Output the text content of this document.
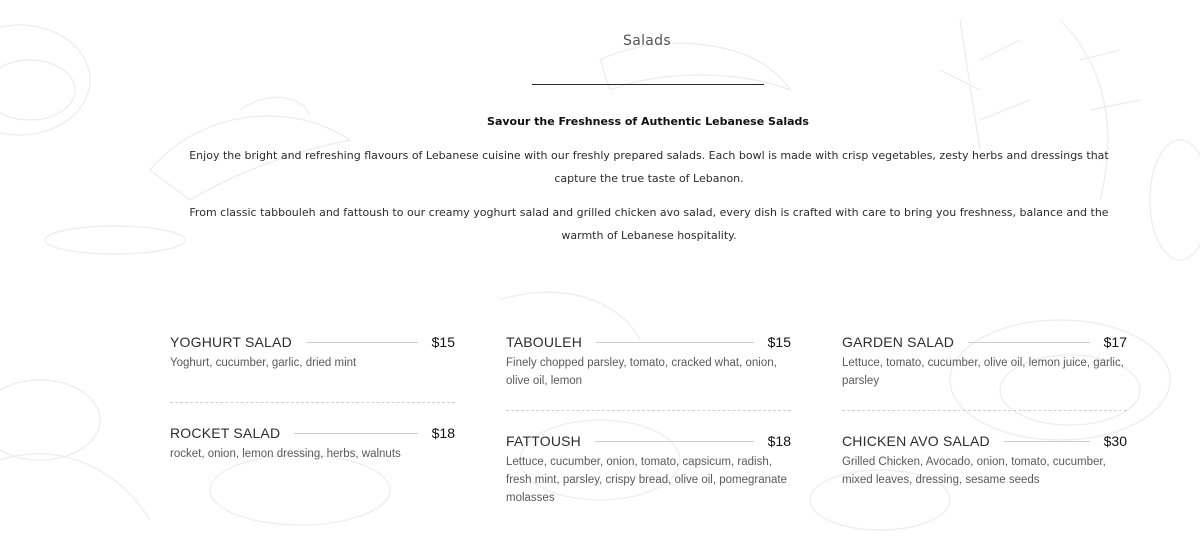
Salads
Savour the Freshness of Authentic Lebanese Salads
Enjoy the bright and refreshing flavours of Lebanese cuisine with our freshly prepared salads. Each bowl is made with crisp vegetables, zesty herbs and dressings that capture the true taste of Lebanon.
From classic tabbouleh and fattoush to our creamy yoghurt salad and grilled chicken avo salad, every dish is crafted with care to bring you freshness, balance and the warmth of Lebanese hospitality.
YOGHURT SALAD	$15
Yoghurt, cucumber, garlic, dried mint
ROCKET SALAD	$18
rocket, onion, lemon dressing, herbs, walnuts
TABOULEH	$15
Finely chopped parsley, tomato, cracked what, onion, olive oil, lemon
FATTOUSH	$18
Lettuce, cucumber, onion, tomato, capsicum, radish, fresh mint, parsley, crispy bread, olive oil, pomegranate molasses
GARDEN SALAD	$17
Lettuce, tomato, cucumber, olive oil, lemon juice, garlic, parsley
CHICKEN AVO SALAD	$30
Grilled Chicken, Avocado, onion, tomato, cucumber, mixed leaves, dressing, sesame seeds
